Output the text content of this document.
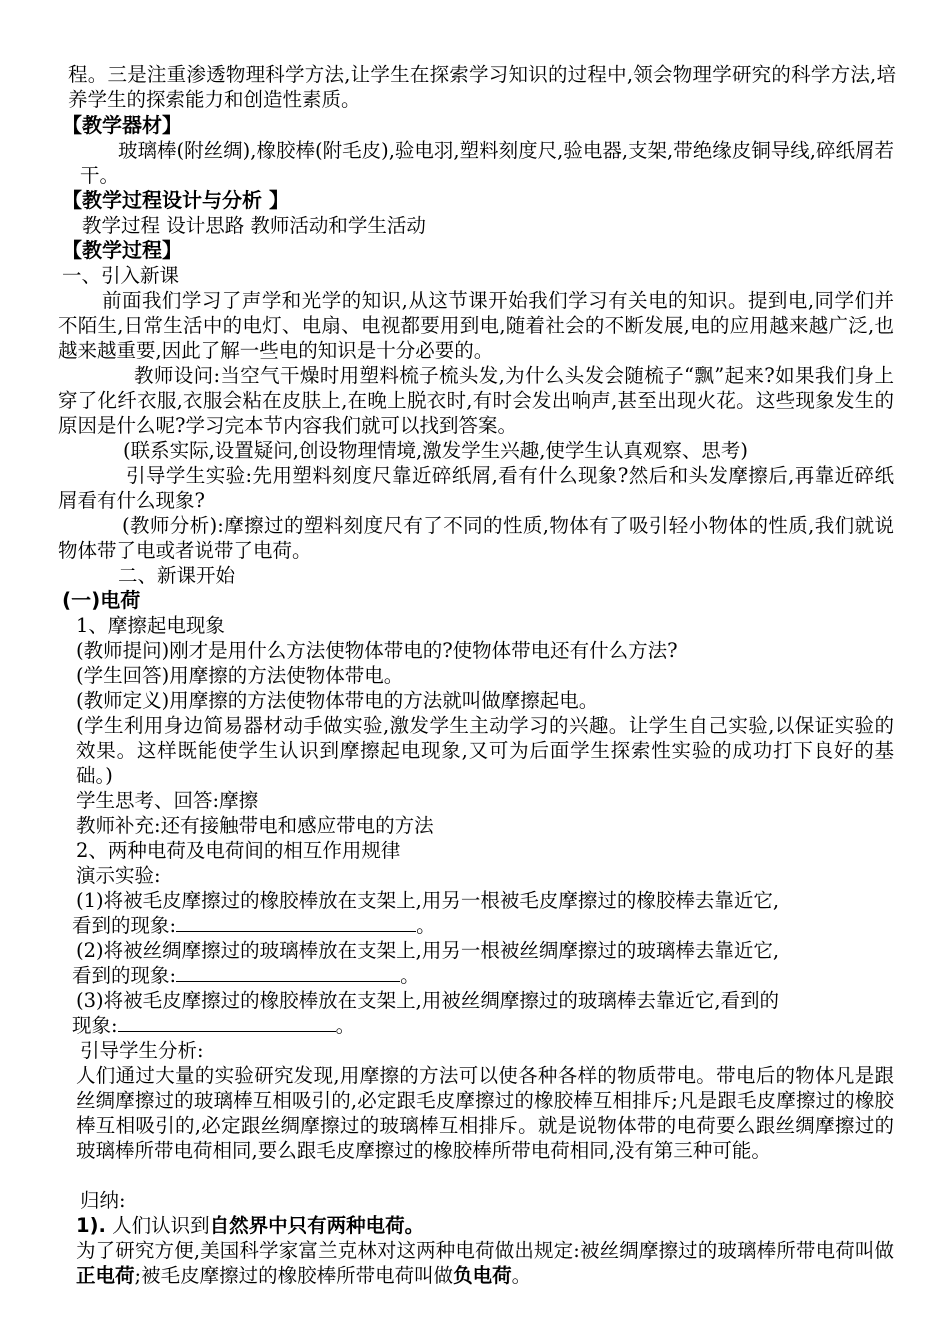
程。三是注重渗透物理科学方法,让学生在探索学习知识的过程中,领会物理学研究的科学方法,培养学生的探索能力和创造性素质。

【教学器材】

玻璃棒(附丝绸),橡胶棒(附毛皮),验电羽,塑料刻度尺,验电器,支架,带绝缘皮铜导线,碎纸屑若干。

【教学过程设计与分析 】

教学过程 设计思路 教师活动和学生活动

【教学过程】

一、引入新课

前面我们学习了声学和光学的知识,从这节课开始我们学习有关电的知识。提到电,同学们并不陌生,日常生活中的电灯、电扇、电视都要用到电,随着社会的不断发展,电的应用越来越广泛,也越来越重要,因此了解一些电的知识是十分必要的。

教师设问:当空气干燥时用塑料梳子梳头发,为什么头发会随梳子“飘”起来?如果我们身上穿了化纤衣服,衣服会粘在皮肤上,在晚上脱衣时,有时会发出响声,甚至出现火花。这些现象发生的原因是什么呢?学习完本节内容我们就可以找到答案。

(联系实际,设置疑问,创设物理情境,激发学生兴趣,使学生认真观察、思考)

引导学生实验:先用塑料刻度尺靠近碎纸屑,看有什么现象?然后和头发摩擦后,再靠近碎纸屑看有什么现象?

(教师分析):摩擦过的塑料刻度尺有了不同的性质,物体有了吸引轻小物体的性质,我们就说物体带了电或者说带了电荷。

二、新课开始

(一)电荷

1、摩擦起电现象

(教师提问)刚才是用什么方法使物体带电的?使物体带电还有什么方法?

(学生回答)用摩擦的方法使物体带电。

(教师定义)用摩擦的方法使物体带电的方法就叫做摩擦起电。

(学生利用身边简易器材动手做实验,激发学生主动学习的兴趣。让学生自己实验,以保证实验的效果。这样既能使学生认识到摩擦起电现象,又可为后面学生探索性实验的成功打下良好的基础。)

学生思考、回答:摩擦

教师补充:还有接触带电和感应带电的方法

2、两种电荷及电荷间的相互作用规律

演示实验:

(1)将被毛皮摩擦过的橡胶棒放在支架上,用另一根被毛皮摩擦过的橡胶棒去靠近它,

看到的现象:	。

(2)将被丝绸摩擦过的玻璃棒放在支架上,用另一根被丝绸摩擦过的玻璃棒去靠近它,

看到的现象:	。

(3)将被毛皮摩擦过的橡胶棒放在支架上,用被丝绸摩擦过的玻璃棒去靠近它,看到的

现象:	。

引导学生分析:

人们通过大量的实验研究发现,用摩擦的方法可以使各种各样的物质带电。带电后的物体凡是跟丝绸摩擦过的玻璃棒互相吸引的,必定跟毛皮摩擦过的橡胶棒互相排斥;凡是跟毛皮摩擦过的橡胶棒互相吸引的,必定跟丝绸摩擦过的玻璃棒互相排斥。就是说物体带的电荷要么跟丝绸摩擦过的玻璃棒所带电荷相同,要么跟毛皮摩擦过的橡胶棒所带电荷相同,没有第三种可能。

归纳:

1). 人们认识到自然界中只有两种电荷。

为了研究方便,美国科学家富兰克林对这两种电荷做出规定:被丝绸摩擦过的玻璃棒所带电荷叫做正电荷;被毛皮摩擦过的橡胶棒所带电荷叫做负电荷。
